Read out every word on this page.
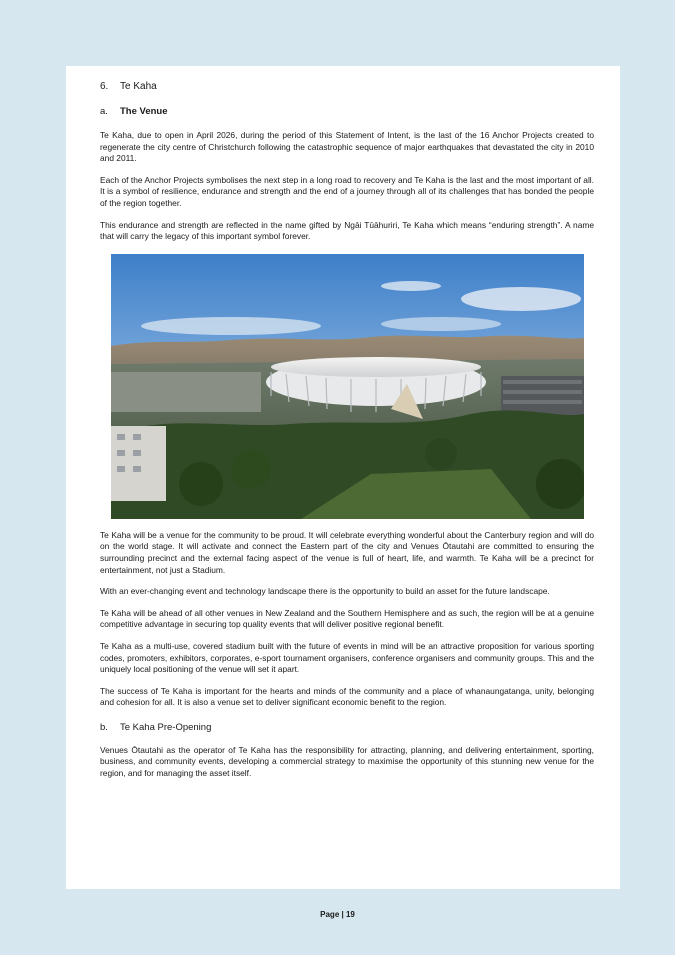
6. Te Kaha
a. The Venue

Te Kaha, due to open in April 2026, during the period of this Statement of Intent, is the last of the 16 Anchor Projects created to regenerate the city centre of Christchurch following the catastrophic sequence of major earthquakes that devastated the city in 2010 and 2011.

Each of the Anchor Projects symbolises the next step in a long road to recovery and Te Kaha is the last and the most important of all. It is a symbol of resilience, endurance and strength and the end of a journey through all of its challenges that has bonded the people of the region together.

This endurance and strength are reflected in the name gifted by Ngāi Tūāhuriri, Te Kaha which means “enduring strength”. A name that will carry the legacy of this important symbol forever.

Te Kaha will be a venue for the community to be proud. It will celebrate everything wonderful about the Canterbury region and will do on the world stage. It will activate and connect the Eastern part of the city and Venues Ōtautahi are committed to ensuring the surrounding precinct and the external facing aspect of the venue is full of heart, life, and warmth. Te Kaha will be a precinct for entertainment, not just a Stadium.

With an ever-changing event and technology landscape there is the opportunity to build an asset for the future landscape.

Te Kaha will be ahead of all other venues in New Zealand and the Southern Hemisphere and as such, the region will be at a genuine competitive advantage in securing top quality events that will deliver positive regional benefit.

Te Kaha as a multi-use, covered stadium built with the future of events in mind will be an attractive proposition for various sporting codes, promoters, exhibitors, corporates, e-sport tournament organisers, conference organisers and community groups. This and the uniquely local positioning of the venue will set it apart.

The success of Te Kaha is important for the hearts and minds of the community and a place of whanaungatanga, unity, belonging and cohesion for all. It is also a venue set to deliver significant economic benefit to the region.

b. Te Kaha Pre-Opening

Venues Ōtautahi as the operator of Te Kaha has the responsibility for attracting, planning, and delivering entertainment, sporting, business, and community events, developing a commercial strategy to maximise the opportunity of this stunning new venue for the region, and for managing the asset itself.

Page | 19
